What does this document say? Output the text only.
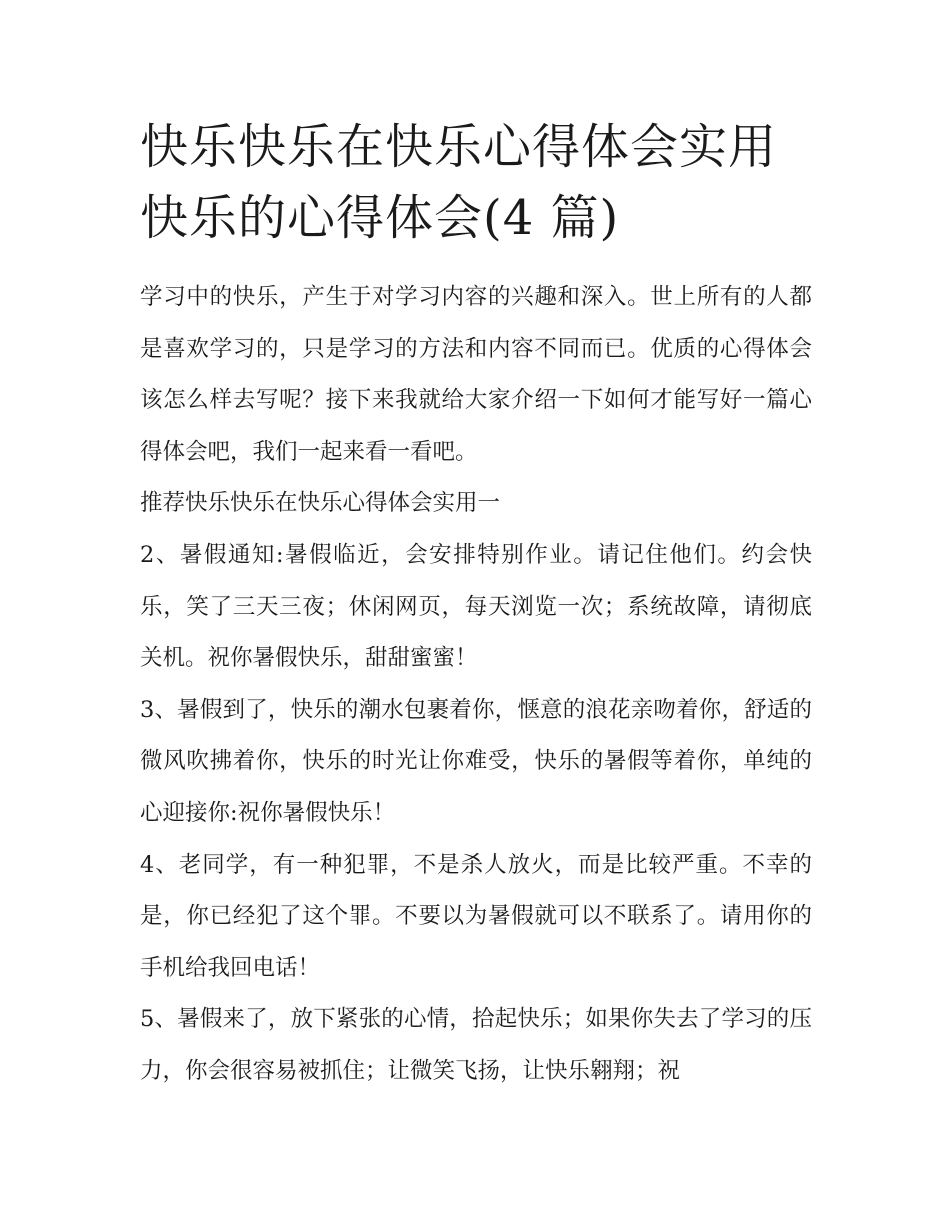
快乐快乐在快乐心得体会实用
快乐的心得体会(4 篇)

学习中的快乐，产生于对学习内容的兴趣和深入。世上所有的人都是喜欢学习的，只是学习的方法和内容不同而已。优质的心得体会该怎么样去写呢？接下来我就给大家介绍一下如何才能写好一篇心得体会吧，我们一起来看一看吧。

推荐快乐快乐在快乐心得体会实用一

2、暑假通知:暑假临近，会安排特别作业。请记住他们。约会快乐，笑了三天三夜；休闲网页，每天浏览一次；系统故障，请彻底关机。祝你暑假快乐，甜甜蜜蜜！

3、暑假到了，快乐的潮水包裹着你，惬意的浪花亲吻着你，舒适的微风吹拂着你，快乐的时光让你难受，快乐的暑假等着你，单纯的心迎接你:祝你暑假快乐！

4、老同学，有一种犯罪，不是杀人放火，而是比较严重。不幸的是，你已经犯了这个罪。不要以为暑假就可以不联系了。请用你的手机给我回电话！

5、暑假来了，放下紧张的心情，拾起快乐；如果你失去了学习的压力，你会很容易被抓住；让微笑飞扬，让快乐翱翔；祝
